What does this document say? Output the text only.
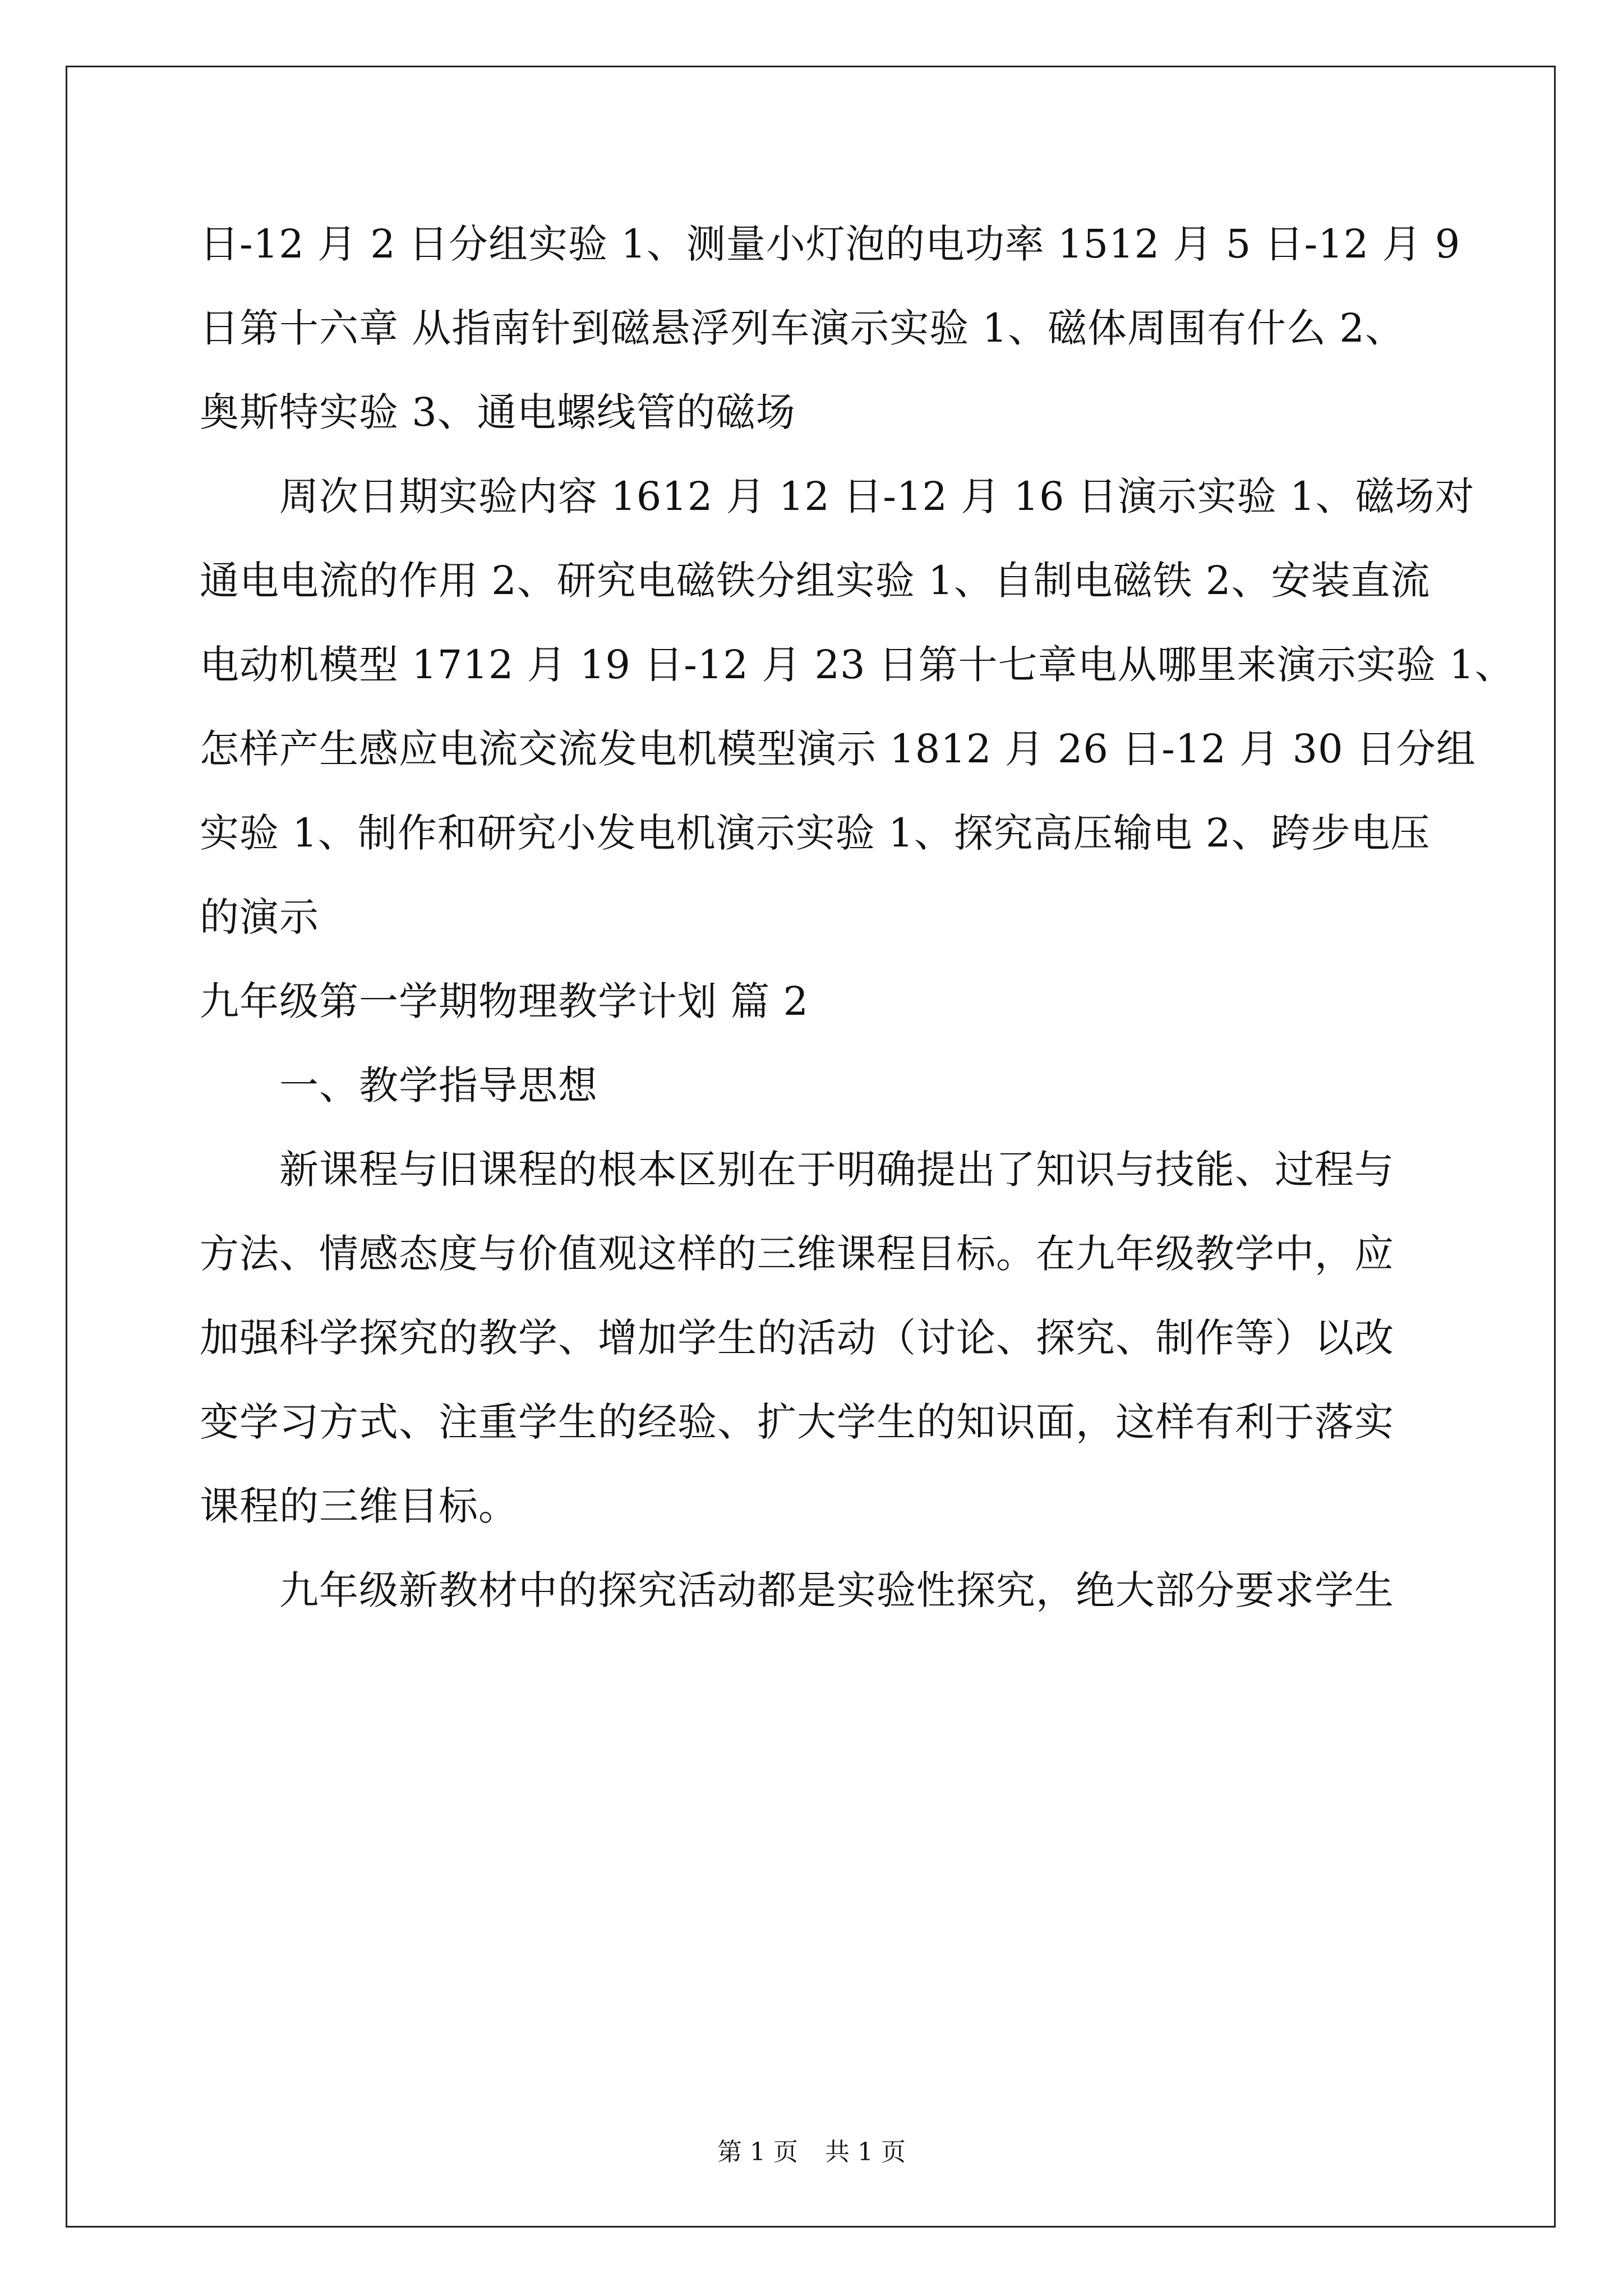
日-12 月 2 日分组实验 1、测量小灯泡的电功率 1512 月 5 日-12 月 9
日第十六章 从指南针到磁悬浮列车演示实验 1、磁体周围有什么 2、
奥斯特实验 3、通电螺线管的磁场
周次日期实验内容 1612 月 12 日-12 月 16 日演示实验 1、磁场对
通电电流的作用 2、研究电磁铁分组实验 1、自制电磁铁 2、安装直流
电动机模型 1712 月 19 日-12 月 23 日第十七章电从哪里来演示实验 1、
怎样产生感应电流交流发电机模型演示 1812 月 26 日-12 月 30 日分组
实验 1、制作和研究小发电机演示实验 1、探究高压输电 2、跨步电压
的演示
九年级第一学期物理教学计划 篇 2
一、教学指导思想
新课程与旧课程的根本区别在于明确提出了知识与技能、过程与
方法、情感态度与价值观这样的三维课程目标。在九年级教学中，应
加强科学探究的教学、增加学生的活动（讨论、探究、制作等）以改
变学习方式、注重学生的经验、扩大学生的知识面，这样有利于落实
课程的三维目标。
九年级新教材中的探究活动都是实验性探究，绝大部分要求学生
第 1 页 共 1 页
